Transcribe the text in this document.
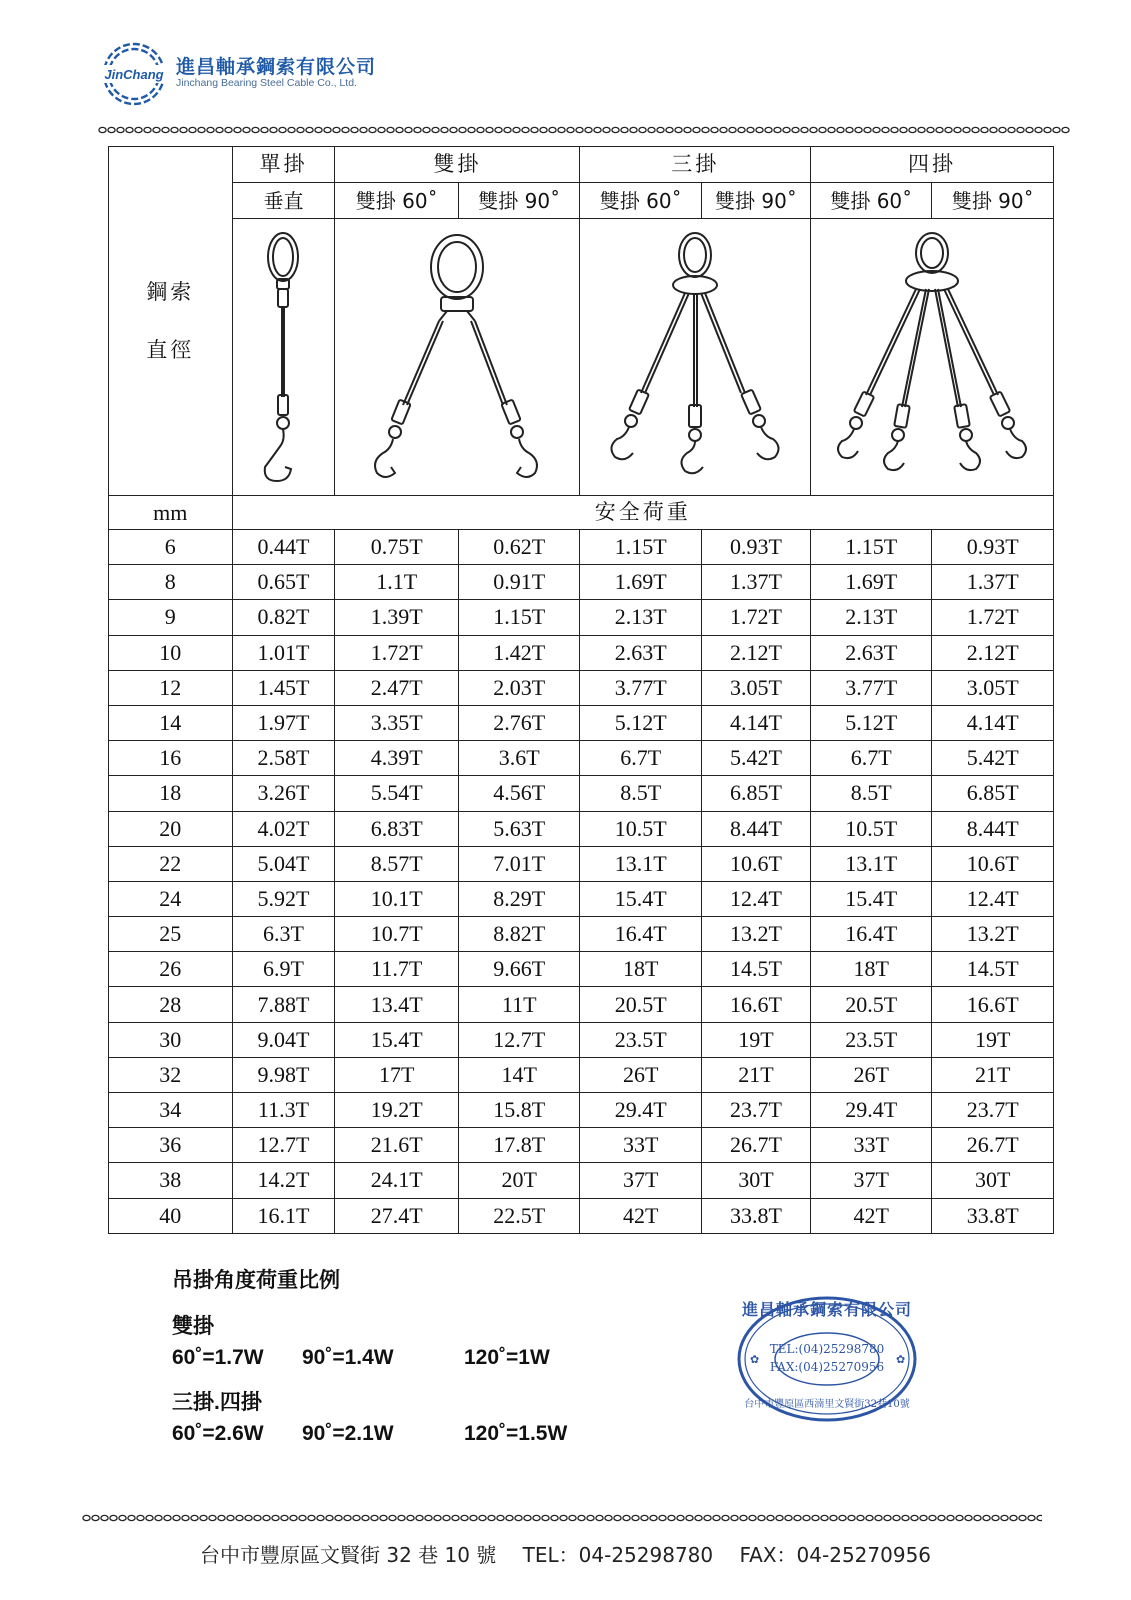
JinChang 進昌軸承鋼索有限公司
Jinchang Bearing Steel Cable Co., Ltd.
鋼索
直徑	單掛	雙掛		三掛		四掛	
	垂直	雙掛 60˚	雙掛 90˚	雙掛 60˚	雙掛 90˚	雙掛 60˚	雙掛 90˚

mm	安全荷重						
6	0.44T	0.75T	0.62T	1.15T	0.93T	1.15T	0.93T
8	0.65T	1.1T	0.91T	1.69T	1.37T	1.69T	1.37T
9	0.82T	1.39T	1.15T	2.13T	1.72T	2.13T	1.72T
10	1.01T	1.72T	1.42T	2.63T	2.12T	2.63T	2.12T
12	1.45T	2.47T	2.03T	3.77T	3.05T	3.77T	3.05T
14	1.97T	3.35T	2.76T	5.12T	4.14T	5.12T	4.14T
16	2.58T	4.39T	3.6T	6.7T	5.42T	6.7T	5.42T
18	3.26T	5.54T	4.56T	8.5T	6.85T	8.5T	6.85T
20	4.02T	6.83T	5.63T	10.5T	8.44T	10.5T	8.44T
22	5.04T	8.57T	7.01T	13.1T	10.6T	13.1T	10.6T
24	5.92T	10.1T	8.29T	15.4T	12.4T	15.4T	12.4T
25	6.3T	10.7T	8.82T	16.4T	13.2T	16.4T	13.2T
26	6.9T	11.7T	9.66T	18T	14.5T	18T	14.5T
28	7.88T	13.4T	11T	20.5T	16.6T	20.5T	16.6T
30	9.04T	15.4T	12.7T	23.5T	19T	23.5T	19T
32	9.98T	17T	14T	26T	21T	26T	21T
34	11.3T	19.2T	15.8T	29.4T	23.7T	29.4T	23.7T
36	12.7T	21.6T	17.8T	33T	26.7T	33T	26.7T
38	14.2T	24.1T	20T	37T	30T	37T	30T
40	16.1T	27.4T	22.5T	42T	33.8T	42T	33.8T
吊掛角度荷重比例
雙掛
60˚=1.7W 90˚=1.4W	120˚=1W
三掛.四掛
60˚=2.6W 90˚=2.1W	120˚=1.5W
進昌軸承鋼索有限公司
TEL:(04)25298780
FAX:(04)25270956
台中市豐原區西湳里文賢街32巷10號
✿	✿
台中市豐原區文賢街 32 巷 10 號 TEL：04-25298780 FAX：04-25270956
